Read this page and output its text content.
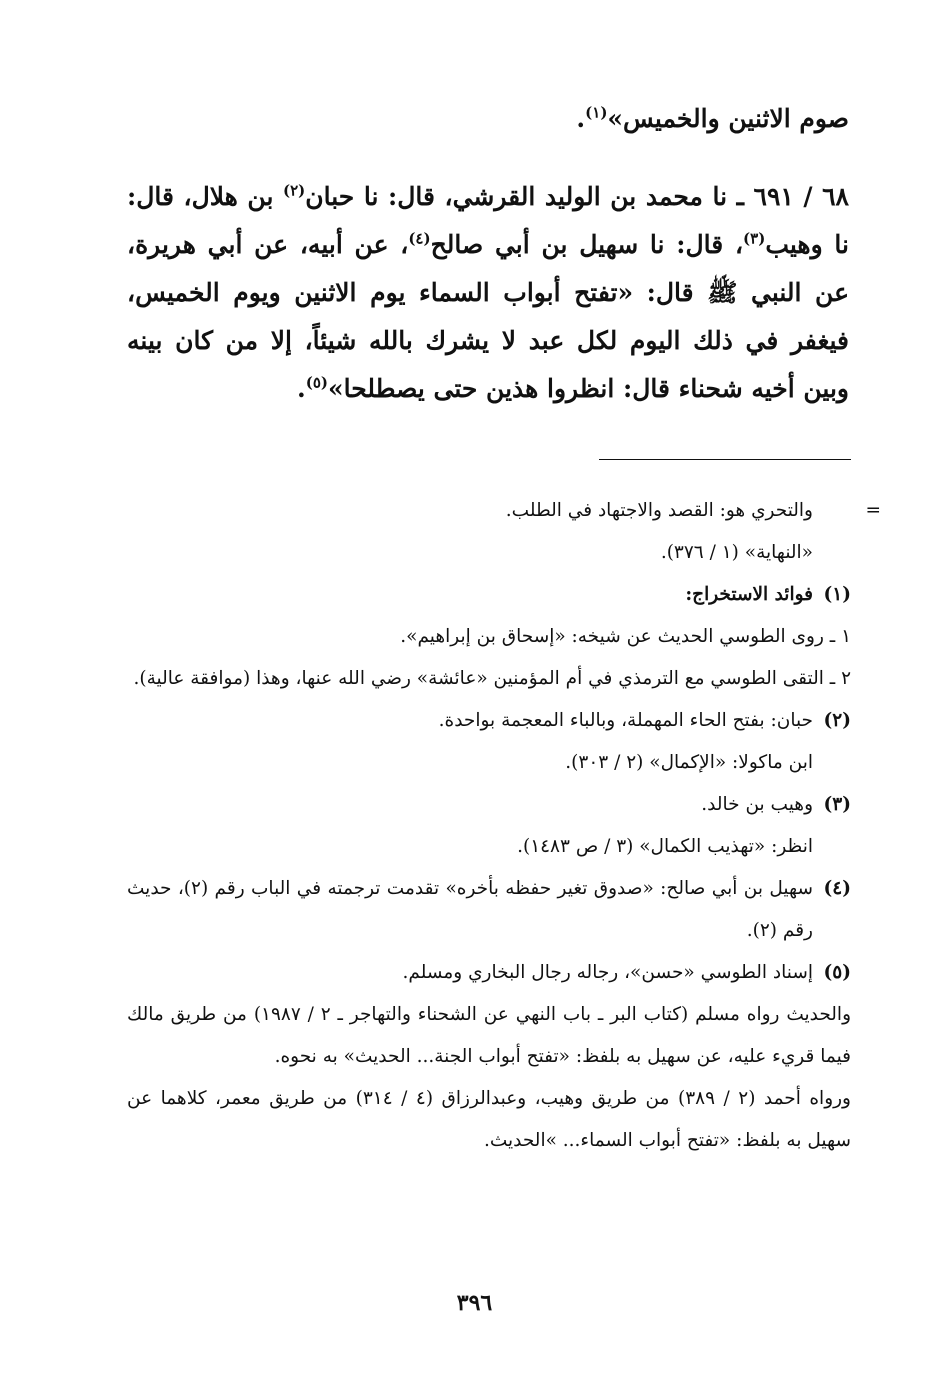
صوم الاثنين والخميس»$^{(١)}$.

٦٨ / ٦٩١ ـ نا محمد بن الوليد القرشي، قال: نا حبان$^{(٢)}$ بن هلال، قال: نا وهيب$^{(٣)}$، قال: نا سهيل بن أبي صالح$^{(٤)}$، عن أبيه، عن أبي هريرة، عن النبي ﷺ قال: «تفتح أبواب السماء يوم الاثنين ويوم الخميس، فيغفر في ذلك اليوم لكل عبد لا يشرك بالله شيئاً، إلا من كان بينه وبين أخيه شحناء قال: انظروا هذين حتى يصطلحا»$^{(٥)}$.

=
والتحري هو: القصد والاجتهاد في الطلب.

«النهاية» (١ / ٣٧٦).

(١)
فوائد الاستخراج:

١ ـ روى الطوسي الحديث عن شيخه: «إسحاق بن إبراهيم».

٢ ـ التقى الطوسي مع الترمذي في أم المؤمنين «عائشة» رضي الله عنها، وهذا (موافقة عالية).

(٢)
حبان: بفتح الحاء المهملة، وبالباء المعجمة بواحدة.

ابن ماكولا: «الإكمال» (٢ / ٣٠٣).

(٣)
وهيب بن خالد.

انظر: «تهذيب الكمال» (٣ / ص ١٤٨٣).

(٤)
سهيل بن أبي صالح: «صدوق تغير حفظه بأخره» تقدمت ترجمته في الباب رقم (٢)، حديث رقم (٢).

(٥)
إسناد الطوسي «حسن»، رجاله رجال البخاري ومسلم.

والحديث رواه مسلم (كتاب البر ـ باب النهي عن الشحناء والتهاجر ـ ٢ / ١٩٨٧) من طريق مالك فيما قريء عليه، عن سهيل به بلفظ: «تفتح أبواب الجنة... الحديث» به نحوه.

ورواه أحمد (٢ / ٣٨٩) من طريق وهيب، وعبدالرزاق (٤ / ٣١٤) من طريق معمر، كلاهما عن سهيل به بلفظ: «تفتح أبواب السماء... »الحديث.

٣٩٦
